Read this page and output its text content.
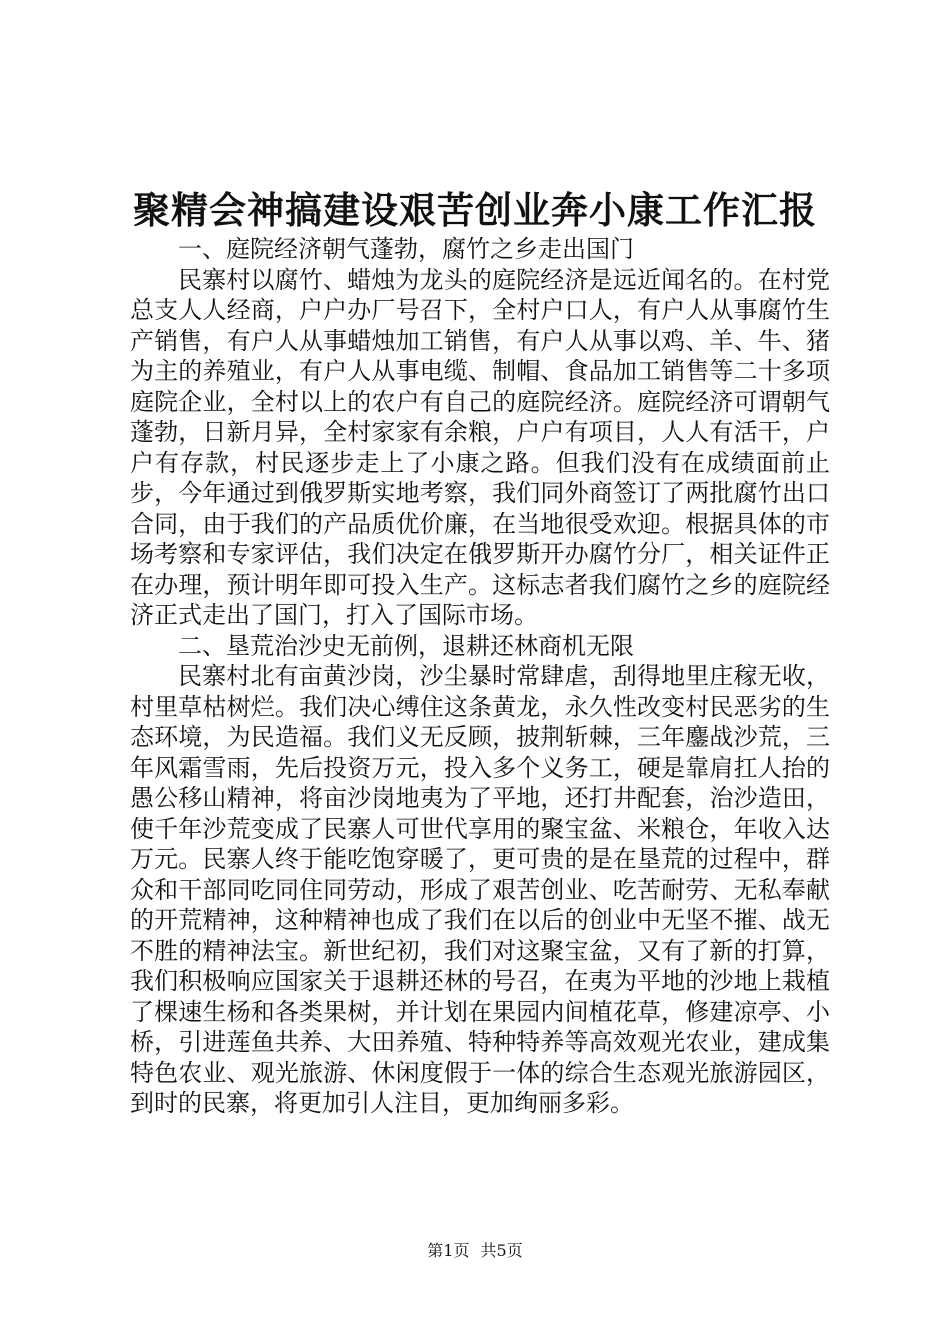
聚精会神搞建设艰苦创业奔小康工作汇报

一、庭院经济朝气蓬勃，腐竹之乡走出国门

民寨村以腐竹、蜡烛为龙头的庭院经济是远近闻名的。在村党总支人人经商，户户办厂号召下，全村户口人，有户人从事腐竹生产销售，有户人从事蜡烛加工销售，有户人从事以鸡、羊、牛、猪为主的养殖业，有户人从事电缆、制帽、食品加工销售等二十多项庭院企业，全村以上的农户有自己的庭院经济。庭院经济可谓朝气蓬勃，日新月异，全村家家有余粮，户户有项目，人人有活干，户户有存款，村民逐步走上了小康之路。但我们没有在成绩面前止步，今年通过到俄罗斯实地考察，我们同外商签订了两批腐竹出口合同，由于我们的产品质优价廉，在当地很受欢迎。根据具体的市场考察和专家评估，我们决定在俄罗斯开办腐竹分厂，相关证件正在办理，预计明年即可投入生产。这标志者我们腐竹之乡的庭院经济正式走出了国门，打入了国际市场。

二、垦荒治沙史无前例，退耕还林商机无限

民寨村北有亩黄沙岗，沙尘暴时常肆虐，刮得地里庄稼无收，村里草枯树烂。我们决心缚住这条黄龙，永久性改变村民恶劣的生态环境，为民造福。我们义无反顾，披荆斩棘，三年鏖战沙荒，三年风霜雪雨，先后投资万元，投入多个义务工，硬是靠肩扛人抬的愚公移山精神，将亩沙岗地夷为了平地，还打井配套，治沙造田，使千年沙荒变成了民寨人可世代享用的聚宝盆、米粮仓，年收入达万元。民寨人终于能吃饱穿暖了，更可贵的是在垦荒的过程中，群众和干部同吃同住同劳动，形成了艰苦创业、吃苦耐劳、无私奉献的开荒精神，这种精神也成了我们在以后的创业中无坚不摧、战无不胜的精神法宝。新世纪初，我们对这聚宝盆，又有了新的打算，我们积极响应国家关于退耕还林的号召，在夷为平地的沙地上栽植了棵速生杨和各类果树，并计划在果园内间植花草，修建凉亭、小桥，引进莲鱼共养、大田养殖、特种特养等高效观光农业，建成集特色农业、观光旅游、休闲度假于一体的综合生态观光旅游园区，到时的民寨，将更加引人注目，更加绚丽多彩。

第1页 共5页
